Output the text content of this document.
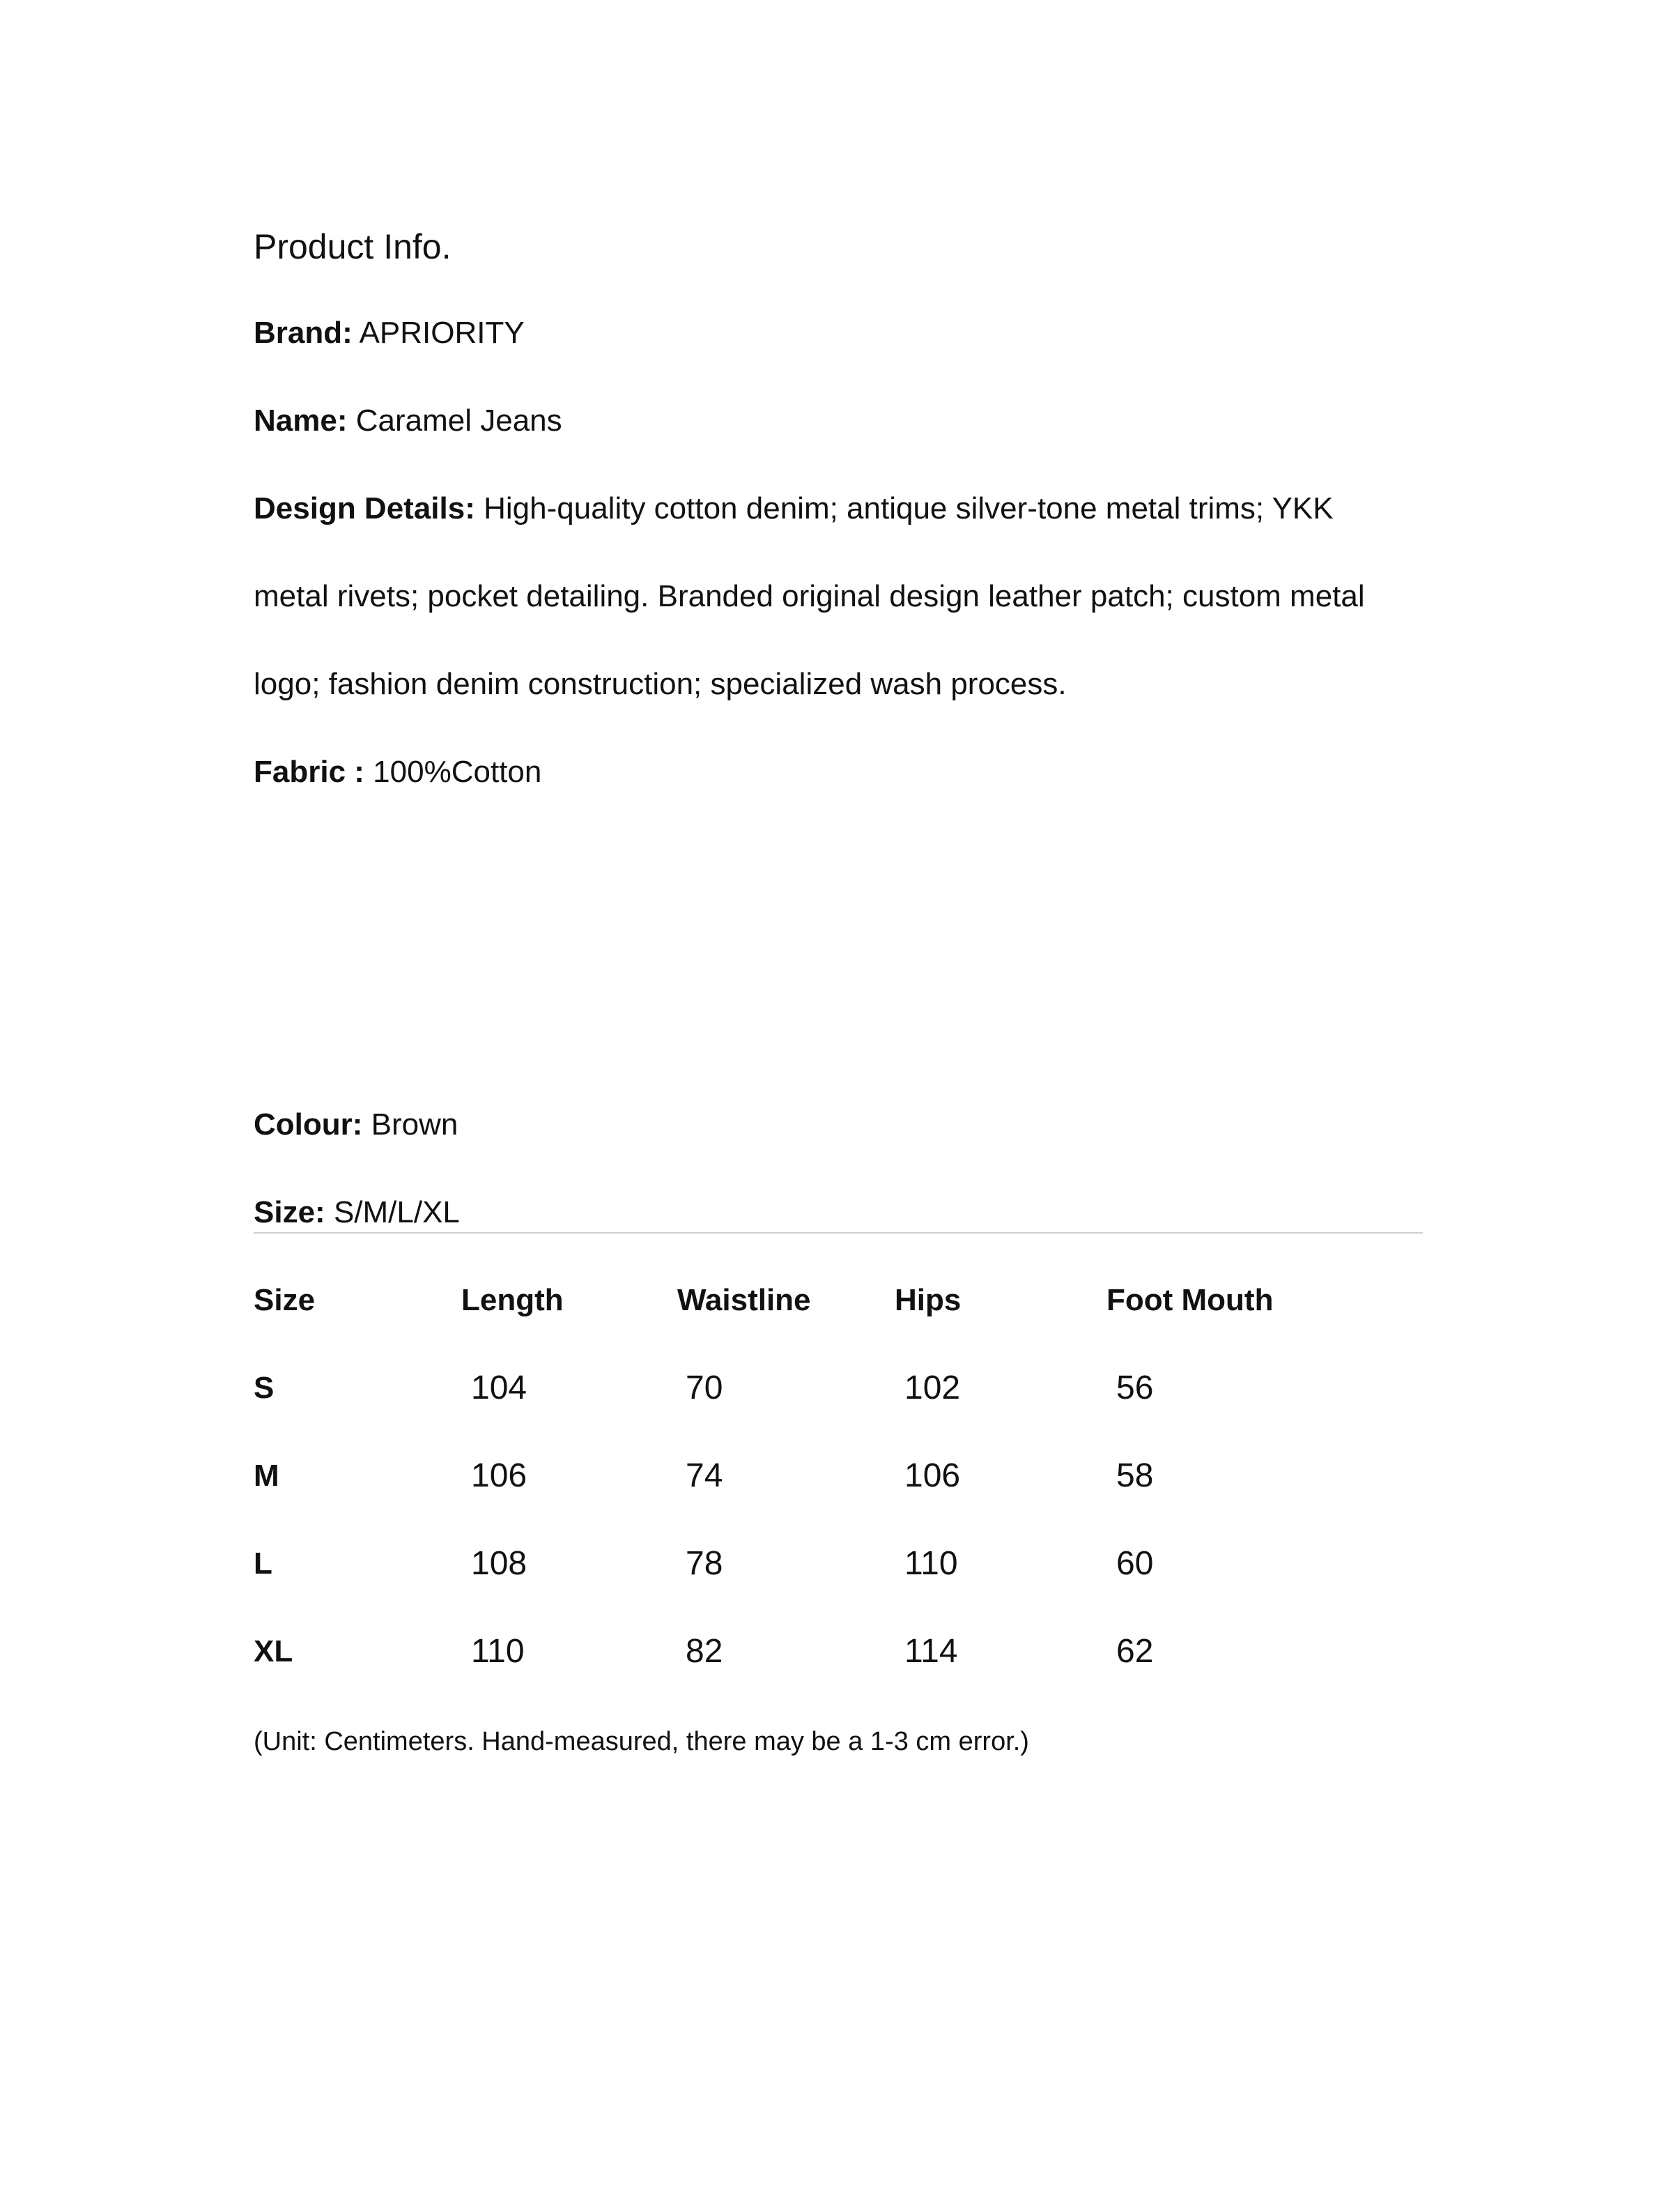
Product Info.
Brand: APRIORITY
Name: Caramel Jeans
Design Details: High-quality cotton denim; antique silver-tone metal trims; YKK
metal rivets; pocket detailing. Branded original design leather patch; custom metal
logo; fashion denim construction; specialized wash process.
Fabric : 100%Cotton
Colour: Brown
Size: S/M/L/XL
Size	Length	Waistline	Hips	Foot Mouth
S	104	70	102	56
M	106	74	106	58
L	108	78	110	60
XL	110	82	114	62
(Unit: Centimeters. Hand-measured, there may be a 1-3 cm error.)
